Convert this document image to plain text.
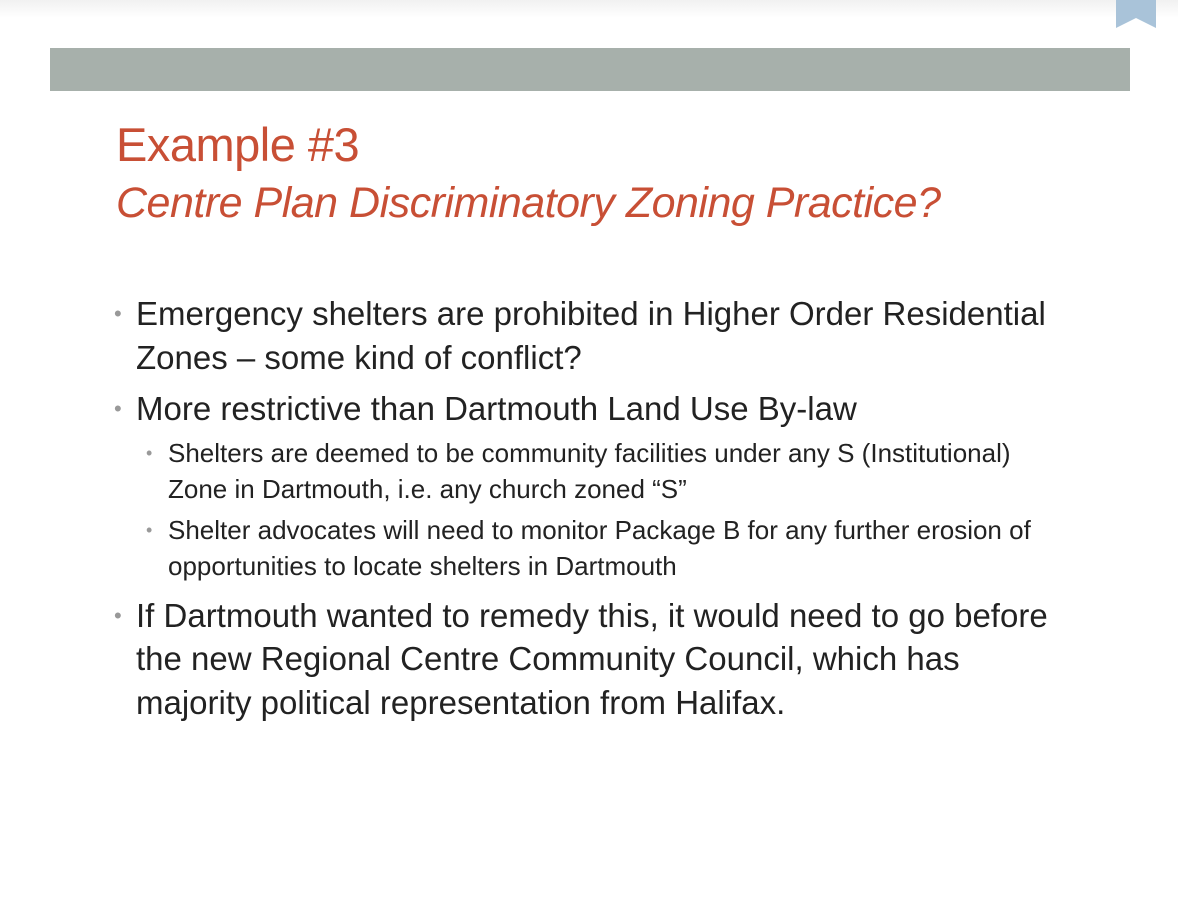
Example #3
Centre Plan Discriminatory Zoning Practice?
• Emergency shelters are prohibited in Higher Order Residential Zones – some kind of conflict?
• More restrictive than Dartmouth Land Use By-law
• Shelters are deemed to be community facilities under any S (Institutional) Zone in Dartmouth, i.e. any church zoned “S”
• Shelter advocates will need to monitor Package B for any further erosion of opportunities to locate shelters in Dartmouth
• If Dartmouth wanted to remedy this, it would need to go before the new Regional Centre Community Council, which has majority political representation from Halifax.
